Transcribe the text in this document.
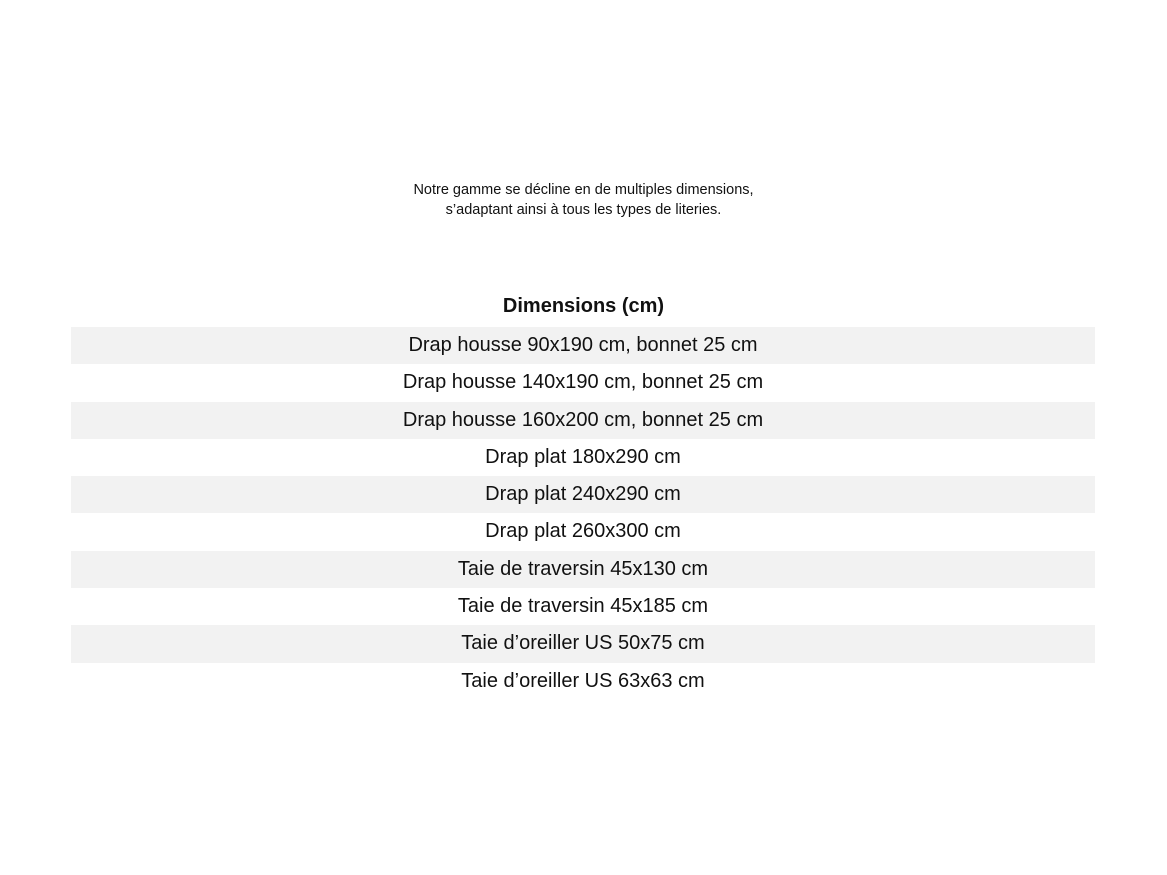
Notre gamme se décline en de multiples dimensions,
s’adaptant ainsi à tous les types de literies.
Dimensions (cm)
Drap housse 90x190 cm, bonnet 25 cm
Drap housse 140x190 cm, bonnet 25 cm
Drap housse 160x200 cm, bonnet 25 cm
Drap plat 180x290 cm
Drap plat 240x290 cm
Drap plat 260x300 cm
Taie de traversin 45x130 cm
Taie de traversin 45x185 cm
Taie d’oreiller US 50x75 cm
Taie d’oreiller US 63x63 cm
